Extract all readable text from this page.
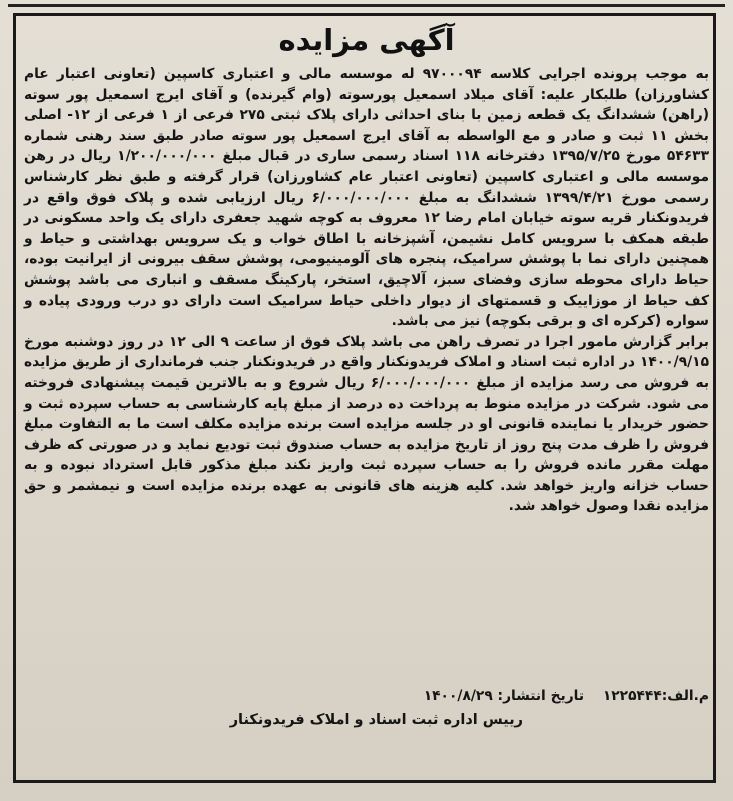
آگهی مزایده

به موجب پرونده اجرایی کلاسه ۹۷۰۰۰۹۴ له موسسه مالی و اعتباری کاسپین (تعاونی اعتبار عام کشاورزان) طلبکار علیه: آقای میلاد اسمعیل پورسوته (وام گیرنده) و آقای ایرج اسمعیل پور سوته (راهن) ششدانگ یک قطعه زمین با بنای احداثی دارای پلاک ثبتی ۲۷۵ فرعی از ۱ فرعی از ۱۲- اصلی بخش ۱۱ ثبت و صادر و مع الواسطه به آقای ایرج اسمعیل پور سوته صادر طبق سند رهنی شماره ۵۴۶۳۳ مورخ ۱۳۹۵/۷/۲۵ دفترخانه ۱۱۸ اسناد رسمی ساری در قبال مبلغ ۱/۲۰۰/۰۰۰/۰۰۰ ریال در رهن موسسه مالی و اعتباری کاسپین (تعاونی اعتبار عام کشاورزان) قرار گرفته و طبق نظر کارشناس رسمی مورخ ۱۳۹۹/۴/۲۱ ششدانگ به مبلغ ۶/۰۰۰/۰۰۰/۰۰۰ ریال ارزیابی شده و پلاک فوق واقع در فریدونکنار قریه سوته خیابان امام رضا ۱۲ معروف به کوچه شهید جعفری دارای یک واحد مسکونی در طبقه همکف با سرویس کامل نشیمن، آشپزخانه با اطاق خواب و یک سرویس بهداشتی و حیاط و همچنین دارای نما با پوشش سرامیک، پنجره های آلومینیومی، پوشش سقف بیرونی از ایرانیت بوده، حیاط دارای محوطه سازی وفضای سبز، آلاچیق، استخر، پارکینگ مسقف و انباری می باشد پوشش کف حیاط از موزاییک و قسمتهای از دیوار داخلی حیاط سرامیک است دارای دو درب ورودی پیاده و سواره (کرکره ای و برقی بکوچه) نیز می باشد.

برابر گزارش مامور اجرا در تصرف راهن می باشد پلاک فوق از ساعت ۹ الی ۱۲ در روز دوشنبه مورخ ۱۴۰۰/۹/۱۵ در اداره ثبت اسناد و املاک فریدونکنار واقع در فریدونکنار جنب فرمانداری از طریق مزایده به فروش می رسد مزایده از مبلغ ۶/۰۰۰/۰۰۰/۰۰۰ ریال شروع و به بالاترین قیمت پیشنهادی فروخته می شود. شرکت در مزایده منوط به پرداخت ده درصد از مبلغ پایه کارشناسی به حساب سپرده ثبت و حضور خریدار یا نماینده قانونی او در جلسه مزایده است برنده مزایده مکلف است ما به التفاوت مبلغ فروش را ظرف مدت پنج روز از تاریخ مزایده به حساب صندوق ثبت تودیع نماید و در صورتی که ظرف مهلت مقرر مانده فروش را به حساب سپرده ثبت واریز نکند مبلغ مذکور قابل استرداد نبوده و به حساب خزانه واریز خواهد شد. کلیه هزینه های قانونی به عهده برنده مزایده است و نیمشمر و حق مزایده نقدا وصول خواهد شد.

م.الف:۱۲۲۵۴۴۴ تاریخ انتشار: ۱۴۰۰/۸/۲۹
رییس اداره ثبت اسناد و املاک فریدونکنار
